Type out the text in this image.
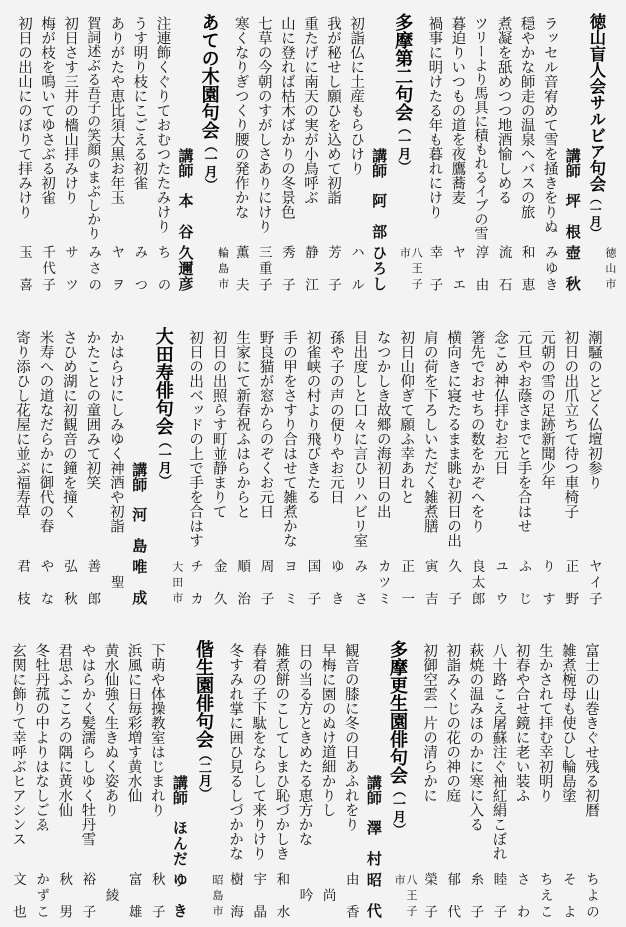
徳山盲人会サルビア句会（一月）
徳山市
講師
坪根
壺秋
ラッセル音宥めて雪を掻きをりぬ
みゆき
穏やかな師走の温泉へバスの旅
和恵
煮凝を舐めつつ地酒愉しめる
流石
ツリーより馬具に積もれるイブの雪
淳由
暮迫りいつもの道を夜鷹蕎麦
ヤエ
禍事に明けたる年も暮れにけり
幸子
多摩第二句会（一月）
八王子市
講師
阿部
ひろし
初詣仏に土産もらひけり
ハル
我が秘せし願ひを込めて初詣
芳子
重たげに南天の実が小鳥呼ぶ
静江
山に登れば枯木ばかりの冬景色
秀子
七草の今朝のすがしさありにけり
三重子
寒くなりぎつくり腰の発作かな
薫夫
あての木園句会（一月）
輪島市
講師
本谷
久邇彦
注連飾くぐりておむつたたみけり
ちの
うす明り枝にこごえる初雀
みつ
ありがたや恵比須大黒お年玉
ヤヲ
賀詞述ぶる吾子の笑顔のまぶしかり
みさの
初日さす三井の檣山拝みけり
サツ
梅が枝を鳴いてゆさぶる初雀
千代子
初日の出山にのぼりて拝みけり
玉喜
潮騒のとどく仏壇初参り
ヤイ子
初日の出爪立ちて待つ車椅子
正野
元朝の雪の足跡新聞少年
りす
元旦やお蔭さまでと手を合はせ
ふじ
念こめ神仏拝むお元日
ユウ
箸先でおせちの数をかぞへをり
良太郎
横向きに寝たるまま眺む初日の出
久子
肩の荷を下ろしいただく雑煮膳
寅吉
初日山仰ぎて願ふ幸あれと
正一
なつかしき故郷の海初日の出
カツミ
目出度しと口々に言ひリハビリ室
みさ
孫や子の声の便りやお元日
ゆき
初雀峡の村より飛びきたる
国子
手の甲をさすり合はせて雑煮かな
ヨミ
野良猫が窓からのぞくお元日
周子
生家にて新春祝ふはらからと
順治
初日の出照らす町並静まりて
金久
初日の出ベッドの上で手を合はす
チカ
大田寿俳句会（一月）
大田市
講師
河島
唯成
かはらけにしみゆく神酒や初詣
聖
かたことの童囲みて初笑
善郎
さひめ湖に初観音の鐘を撞く
弘秋
米寿への道なだらかに御代の春
やな
寄り添ひし花屋に並ぶ福寿草
君枝
富士の山巻きぐせ残る初暦
ちよの
雑煮椀母も使ひし輪島塗
そよ
生かされて拝む幸初明り
ちえこ
初春や合せ鏡に老い装ふ
さわ
八十路こえ屠蘇注ぐ袖紅絹こぼれ
睦子
萩焼の温みほのかに寒に入る
糸子
初詣みくじの花の神の庭
郁代
初御空雲一片の清らかに
榮子
多摩更生園俳句会（一月）
八王子市
講師
澤村
昭代
観音の膝に冬の日あふれをり
由香
早梅に園のぬけ道細かりし
尚
日の当る方ときめたる恵方かな
吟
雑煮餅のこしてしまひ恥づかしき
和水
春着の子下駄をならして来りけり
宇晶
冬すみれ掌に囲ひ見るしづかかな
樹海
偕生園俳句会（二月）
昭島市
講師
ほんだ
ゆき
下萌や体操教室はじまれり
秋子
浜風に日毎彩増す黄水仙
富雄
黄水仙強く生きぬく姿あり
綾
やはらかく髪濡らしゆく牡丹雪
裕子
君思ふこころの隅に黄水仙
秋男
冬牡丹菰の中よりはなしごゑ
かずこ
玄関に飾りて幸呼ぶヒアシンス
文也
